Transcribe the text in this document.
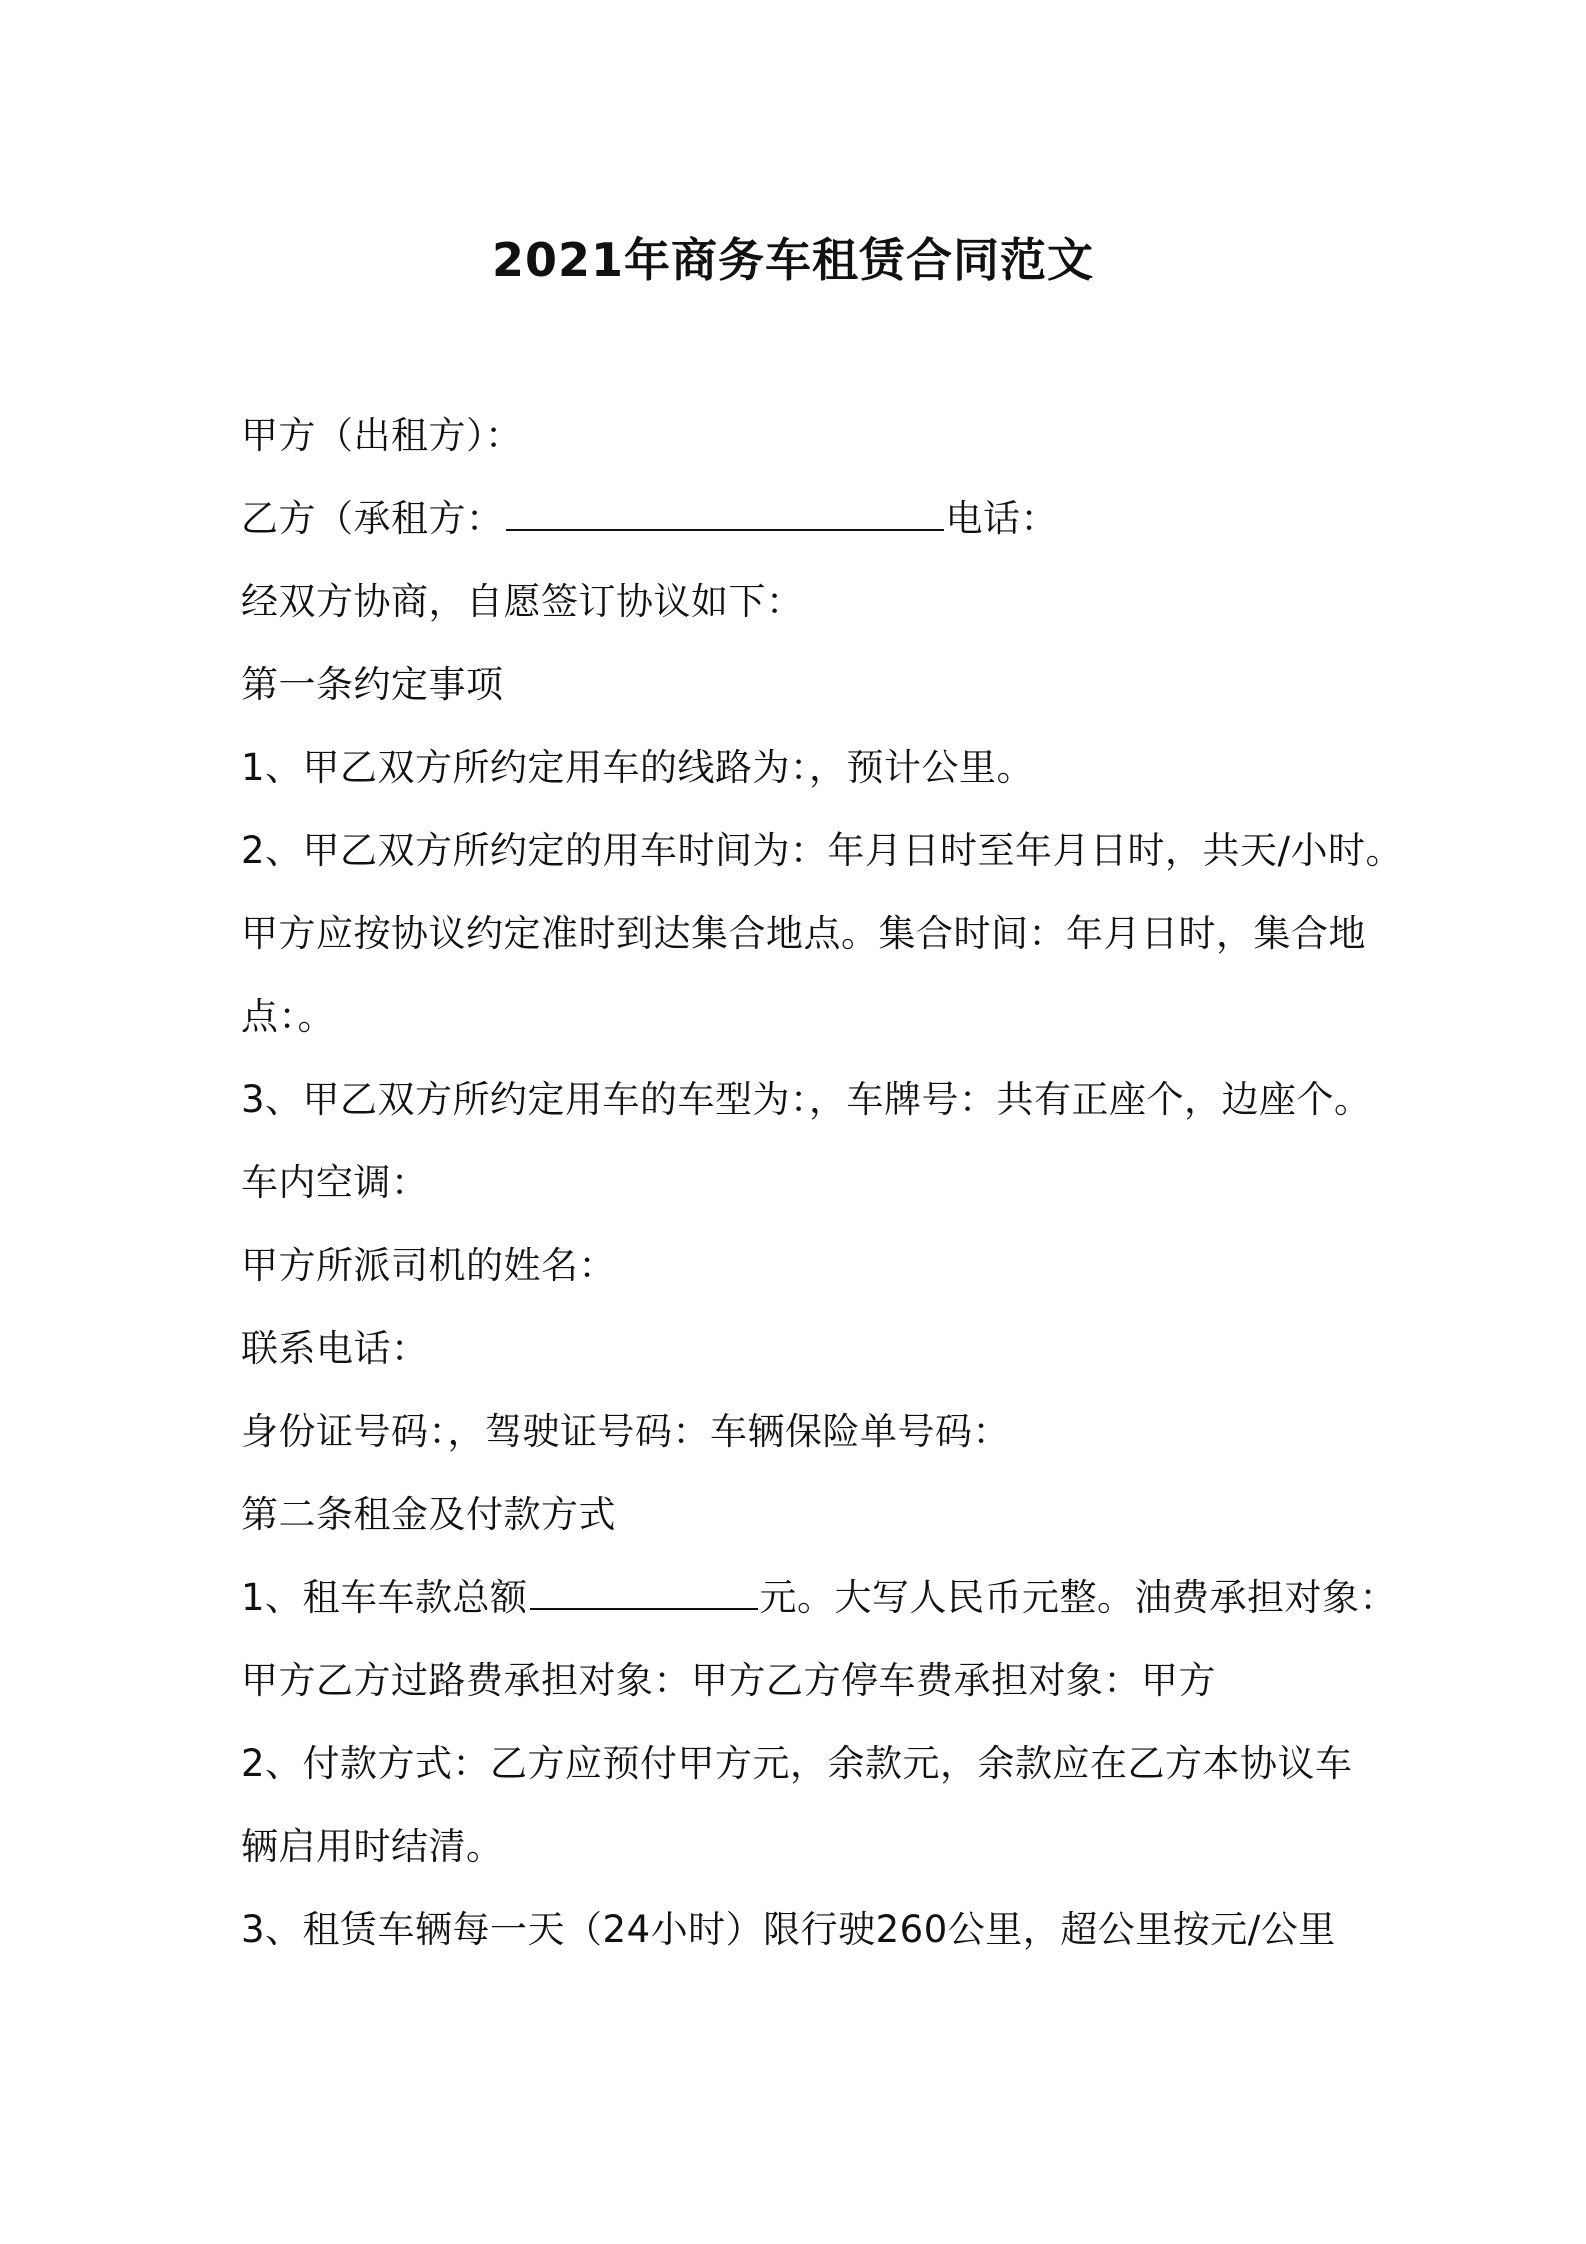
2021年商务车租赁合同范文
甲方（出租方）：
乙方（承租方：	电话：
经双方协商，自愿签订协议如下：
第一条约定事项
1、甲乙双方所约定用车的线路为：，预计公里。
2、甲乙双方所约定的用车时间为：年月日时至年月日时，共天/小时。
甲方应按协议约定准时到达集合地点。集合时间：年月日时，集合地
点：。
3、甲乙双方所约定用车的车型为：，车牌号：共有正座个，边座个。
车内空调：
甲方所派司机的姓名：
联系电话：
身份证号码：，驾驶证号码：车辆保险单号码：
第二条租金及付款方式
1、租车车款总额	元。大写人民币元整。油费承担对象：
甲方乙方过路费承担对象：甲方乙方停车费承担对象：甲方
2、付款方式：乙方应预付甲方元，余款元，余款应在乙方本协议车
辆启用时结清。
3、租赁车辆每一天（24小时）限行驶260公里，超公里按元/公里
